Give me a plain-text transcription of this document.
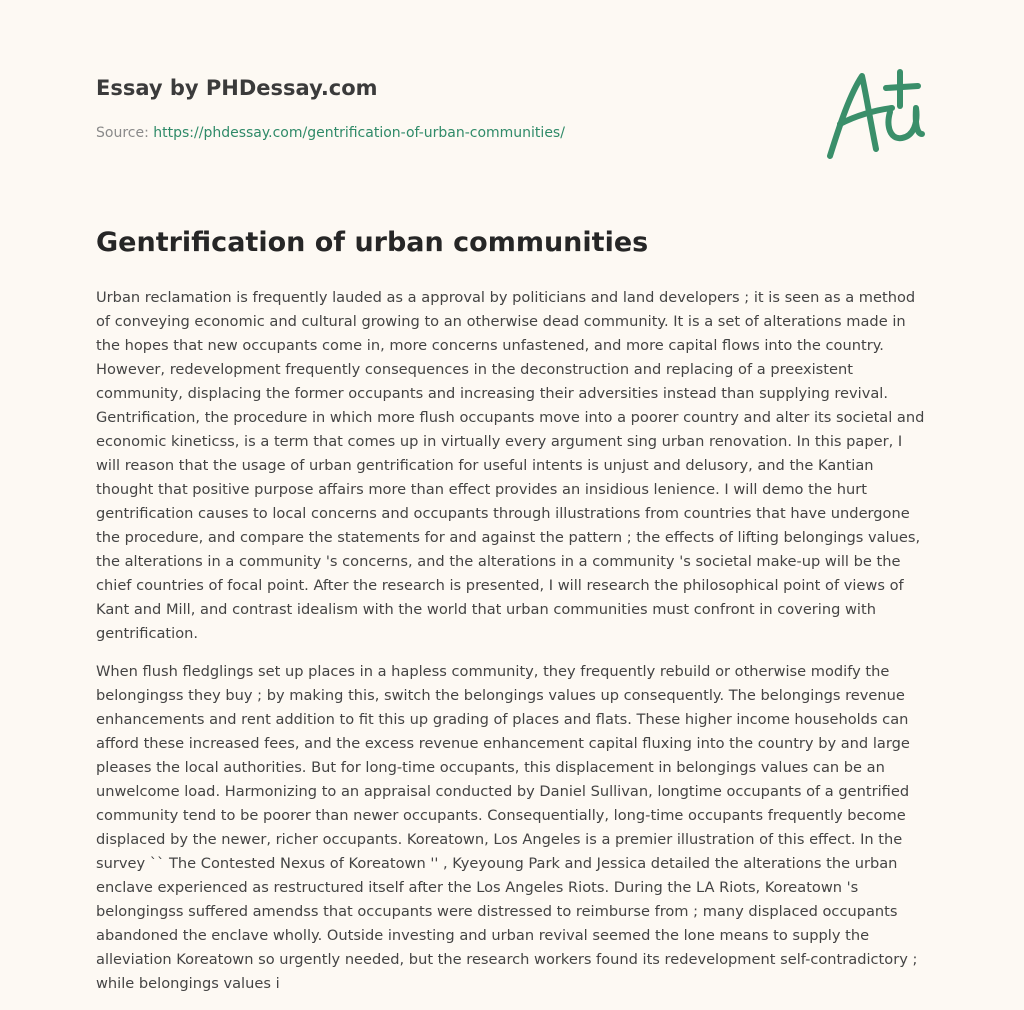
Essay by PHDessay.com
Source: https://phdessay.com/gentrification-of-urban-communities/
Gentrification of urban communities

Urban reclamation is frequently lauded as a approval by politicians and land developers ; it is seen as a method of conveying economic and cultural growing to an otherwise dead community. It is a set of alterations made in the hopes that new occupants come in, more concerns unfastened, and more capital flows into the country. However, redevelopment frequently consequences in the deconstruction and replacing of a preexistent community, displacing the former occupants and increasing their adversities instead than supplying revival. Gentrification, the procedure in which more flush occupants move into a poorer country and alter its societal and economic kineticss, is a term that comes up in virtually every argument sing urban renovation. In this paper, I will reason that the usage of urban gentrification for useful intents is unjust and delusory, and the Kantian thought that positive purpose affairs more than effect provides an insidious lenience. I will demo the hurt gentrification causes to local concerns and occupants through illustrations from countries that have undergone the procedure, and compare the statements for and against the pattern ; the effects of lifting belongings values, the alterations in a community 's concerns, and the alterations in a community 's societal make-up will be the chief countries of focal point. After the research is presented, I will research the philosophical point of views of Kant and Mill, and contrast idealism with the world that urban communities must confront in covering with gentrification.

When flush fledglings set up places in a hapless community, they frequently rebuild or otherwise modify the belongingss they buy ; by making this, switch the belongings values up consequently. The belongings revenue enhancements and rent addition to fit this up grading of places and flats. These higher income households can afford these increased fees, and the excess revenue enhancement capital fluxing into the country by and large pleases the local authorities. But for long-time occupants, this displacement in belongings values can be an unwelcome load. Harmonizing to an appraisal conducted by Daniel Sullivan, longtime occupants of a gentrified community tend to be poorer than newer occupants. Consequentially, long-time occupants frequently become displaced by the newer, richer occupants. Koreatown, Los Angeles is a premier illustration of this effect. In the survey `` The Contested Nexus of Koreatown '' , Kyeyoung Park and Jessica detailed the alterations the urban enclave experienced as restructured itself after the Los Angeles Riots. During the LA Riots, Koreatown 's belongingss suffered amendss that occupants were distressed to reimburse from ; many displaced occupants abandoned the enclave wholly. Outside investing and urban revival seemed the lone means to supply the alleviation Koreatown so urgently needed, but the research workers found its redevelopment self-contradictory ; while belongings values i
